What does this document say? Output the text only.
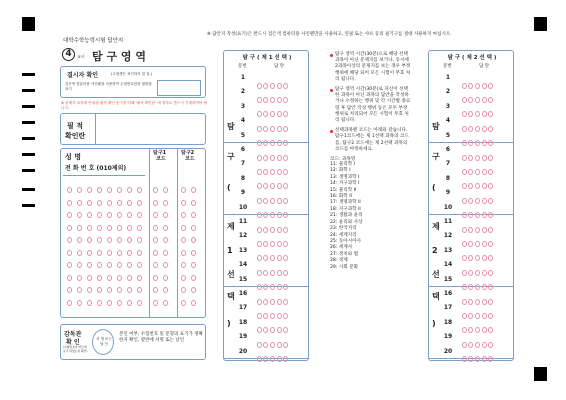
대학수학능력시험 답안지
4	교시 탐 구 영 역
※ 답안지 작성(표기)은 반드시 검은색 컴퓨터용 사인펜만을 사용하고, 연필 또는 샤프 등의 필기구를 절대 사용하지 마십시오.
결시자 확인	(수험생은 표기하지 말 것.)
검은색 컴퓨터용 사인펜을 사용하여 수험번호란과 옆란을 표기
※ 문제지 표지에 안내된 필적 확인 문구를 아래 '필적 확인란' 에 정자로 반드시 기재하여야 합니다.
필 적
확인란
성 명
전 화 번 호 (010제외)
탐구1
코드
탐구2
코드
감독관
확 인
(수험번호가 바르게 표기 되었는지 확인)
서 명 또는 날 인
본인 여부, 수험번호 및 문형의 표기가 정확한지 확인, 옆란에 서명 또는 날인
탐 구 ( 제 1 선 택 )
문번	답 란
탐
구
(
제
1
선
택
)
1
2
3
4
5
6
7
8
9
10
11
12
13
14
15
16
17
18
19
20
탐 구 ( 제 2 선 택 )
문번	답 란
탐
구
(
제
2
선
택
)
1
2
3
4
5
6
7
8
9
10
11
12
13
14
15
16
17
18
19
20
탐구 영역 시간(30분)으로 해당 선택과목이 아닌 문제지를 보거나, 동시에 2과목이상의 문제지를 보는 경우 부정행위에 해당 되어 모든 시험이 무효 처리 됩니다.
탐구 영역 시간(30분)로 자신이 선택한 과목이 아닌 과목의 답안을 작성하거나 수정하는 행위 및 각 시간별 종료령 후 답안 작성 행위 등은 모두 부정 행위로 처리되어 모든 시험이 무효 처리 됩니다.
선택과목별 코드는 아래와 같습니다. 탐구1코드에는 제 1선택 과목의 코드를, 탐구2 코드에는 제 2선택 과목의 코드를 마킹하세요.
코드: 과목명
11: 물리학 I
12: 화학 I
13: 생명과학 I
14: 지구과학 I
15: 물리학 II
16: 화학 II
17: 생명과학 II
18: 지구과학 II
21: 생활과 윤리
22: 윤리와 사상
23: 한국지리
24: 세계지리
25: 동아시아사
26: 세계사
27: 정치와 법
28: 경제
29: 사회 문화
